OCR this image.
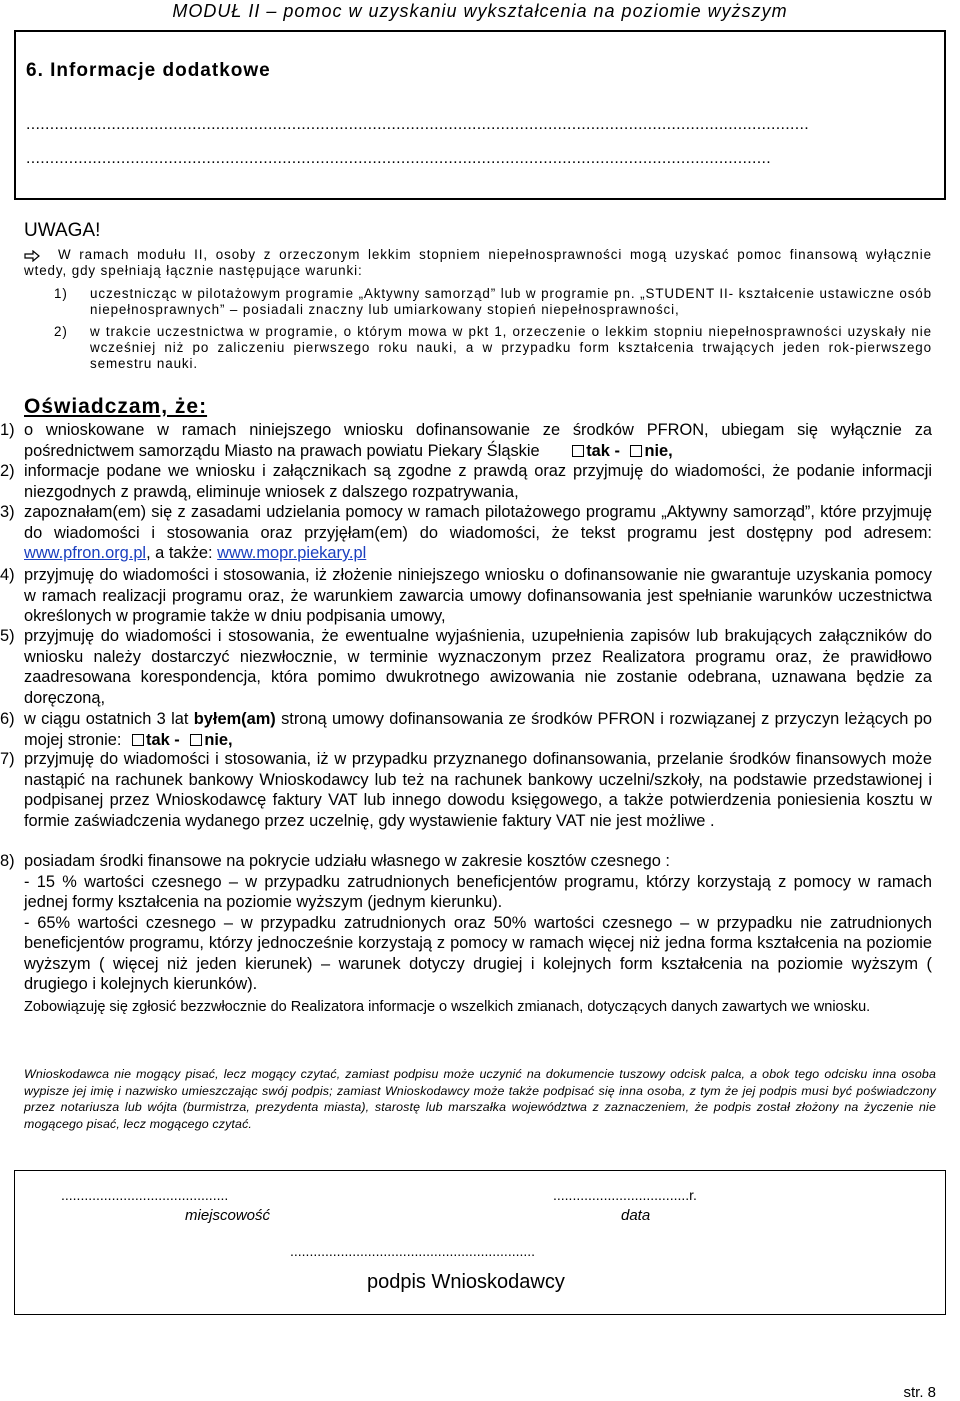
MODUŁ II – pomoc w uzyskaniu wykształcenia na poziomie wyższym
6. Informacje dodatkowe
.....................................................................................................................................................................
.............................................................................................................................................................
UWAGA!
W ramach modułu II, osoby z orzeczonym lekkim stopniem niepełnosprawności mogą uzyskać pomoc finansową wyłącznie wtedy, gdy spełniają łącznie następujące warunki:
1) uczestnicząc w pilotażowym programie „Aktywny samorząd” lub w programie pn. „STUDENT II- kształcenie ustawiczne osób niepełnosprawnych” – posiadali znaczny lub umiarkowany stopień niepełnosprawności,
2) w trakcie uczestnictwa w programie, o którym mowa w pkt 1, orzeczenie o lekkim stopniu niepełnosprawności uzyskały nie wcześniej niż po zaliczeniu pierwszego roku nauki, a w przypadku form kształcenia trwających jeden rok-pierwszego semestru nauki.
Oświadczam, że:
1) o wnioskowane w ramach niniejszego wniosku dofinansowanie ze środków PFRON, ubiegam się wyłącznie za pośrednictwem samorządu Miasto na prawach powiatu Piekary Śląskie	tak - nie,
2) informacje podane we wniosku i załącznikach są zgodne z prawdą oraz przyjmuję do wiadomości, że podanie informacji niezgodnych z prawdą, eliminuje wniosek z dalszego rozpatrywania,
3) zapoznałam(em) się z zasadami udzielania pomocy w ramach pilotażowego programu „Aktywny samorząd”, które przyjmuję do wiadomości i stosowania oraz przyjęłam(em) do wiadomości, że tekst programu jest dostępny pod adresem: www.pfron.org.pl, a także: www.mopr.piekary.pl
4) przyjmuję do wiadomości i stosowania, iż złożenie niniejszego wniosku o dofinansowanie nie gwarantuje uzyskania pomocy w ramach realizacji programu oraz, że warunkiem zawarcia umowy dofinansowania jest spełnianie warunków uczestnictwa określonych w programie także w dniu podpisania umowy,
5) przyjmuję do wiadomości i stosowania, że ewentualne wyjaśnienia, uzupełnienia zapisów lub brakujących załączników do wniosku należy dostarczyć niezwłocznie, w terminie wyznaczonym przez Realizatora programu oraz, że prawidłowo zaadresowana korespondencja, która pomimo dwukrotnego awizowania nie zostanie odebrana, uznawana będzie za doręczoną,
6) w ciągu ostatnich 3 lat byłem(am) stroną umowy dofinansowania ze środków PFRON i rozwiązanej z przyczyn leżących po mojej stronie: tak - nie,
7) przyjmuję do wiadomości i stosowania, iż w przypadku przyznanego dofinansowania, przelanie środków finansowych może nastąpić na rachunek bankowy Wnioskodawcy lub też na rachunek bankowy uczelni/szkoły, na podstawie przedstawionej i podpisanej przez Wnioskodawcę faktury VAT lub innego dowodu księgowego, a także potwierdzenia poniesienia kosztu w formie zaświadczenia wydanego przez uczelnię, gdy wystawienie faktury VAT nie jest możliwe .
8) posiadam środki finansowe na pokrycie udziału własnego w zakresie kosztów czesnego :
- 15 % wartości czesnego – w przypadku zatrudnionych beneficjentów programu, którzy korzystają z pomocy w ramach jednej formy kształcenia na poziomie wyższym (jednym kierunku).
- 65% wartości czesnego – w przypadku zatrudnionych oraz 50% wartości czesnego – w przypadku nie zatrudnionych beneficjentów programu, którzy jednocześnie korzystają z pomocy w ramach więcej niż jedna forma kształcenia na poziomie wyższym ( więcej niż jeden kierunek) – warunek dotyczy drugiej i kolejnych form kształcenia na poziomie wyższym ( drugiego i kolejnych kierunków).
Zobowiązuję się zgłosić bezzwłocznie do Realizatora informacje o wszelkich zmianach, dotyczących danych zawartych we wniosku.
Wnioskodawca nie mogący pisać, lecz mogący czytać, zamiast podpisu może uczynić na dokumencie tuszowy odcisk palca, a obok tego odcisku inna osoba wypisze jej imię i nazwisko umieszczając swój podpis; zamiast Wnioskodawcy może także podpisać się inna osoba, z tym że jej podpis musi być poświadczony przez notariusza lub wójta (burmistrza, prezydenta miasta), starostę lub marszałka województwa z zaznaczeniem, że podpis został złożony na życzenie nie mogącego pisać, lecz mogącego czytać.
...........................................
miejscowość
...................................r.
data
...............................................................
podpis Wnioskodawcy
str. 8
